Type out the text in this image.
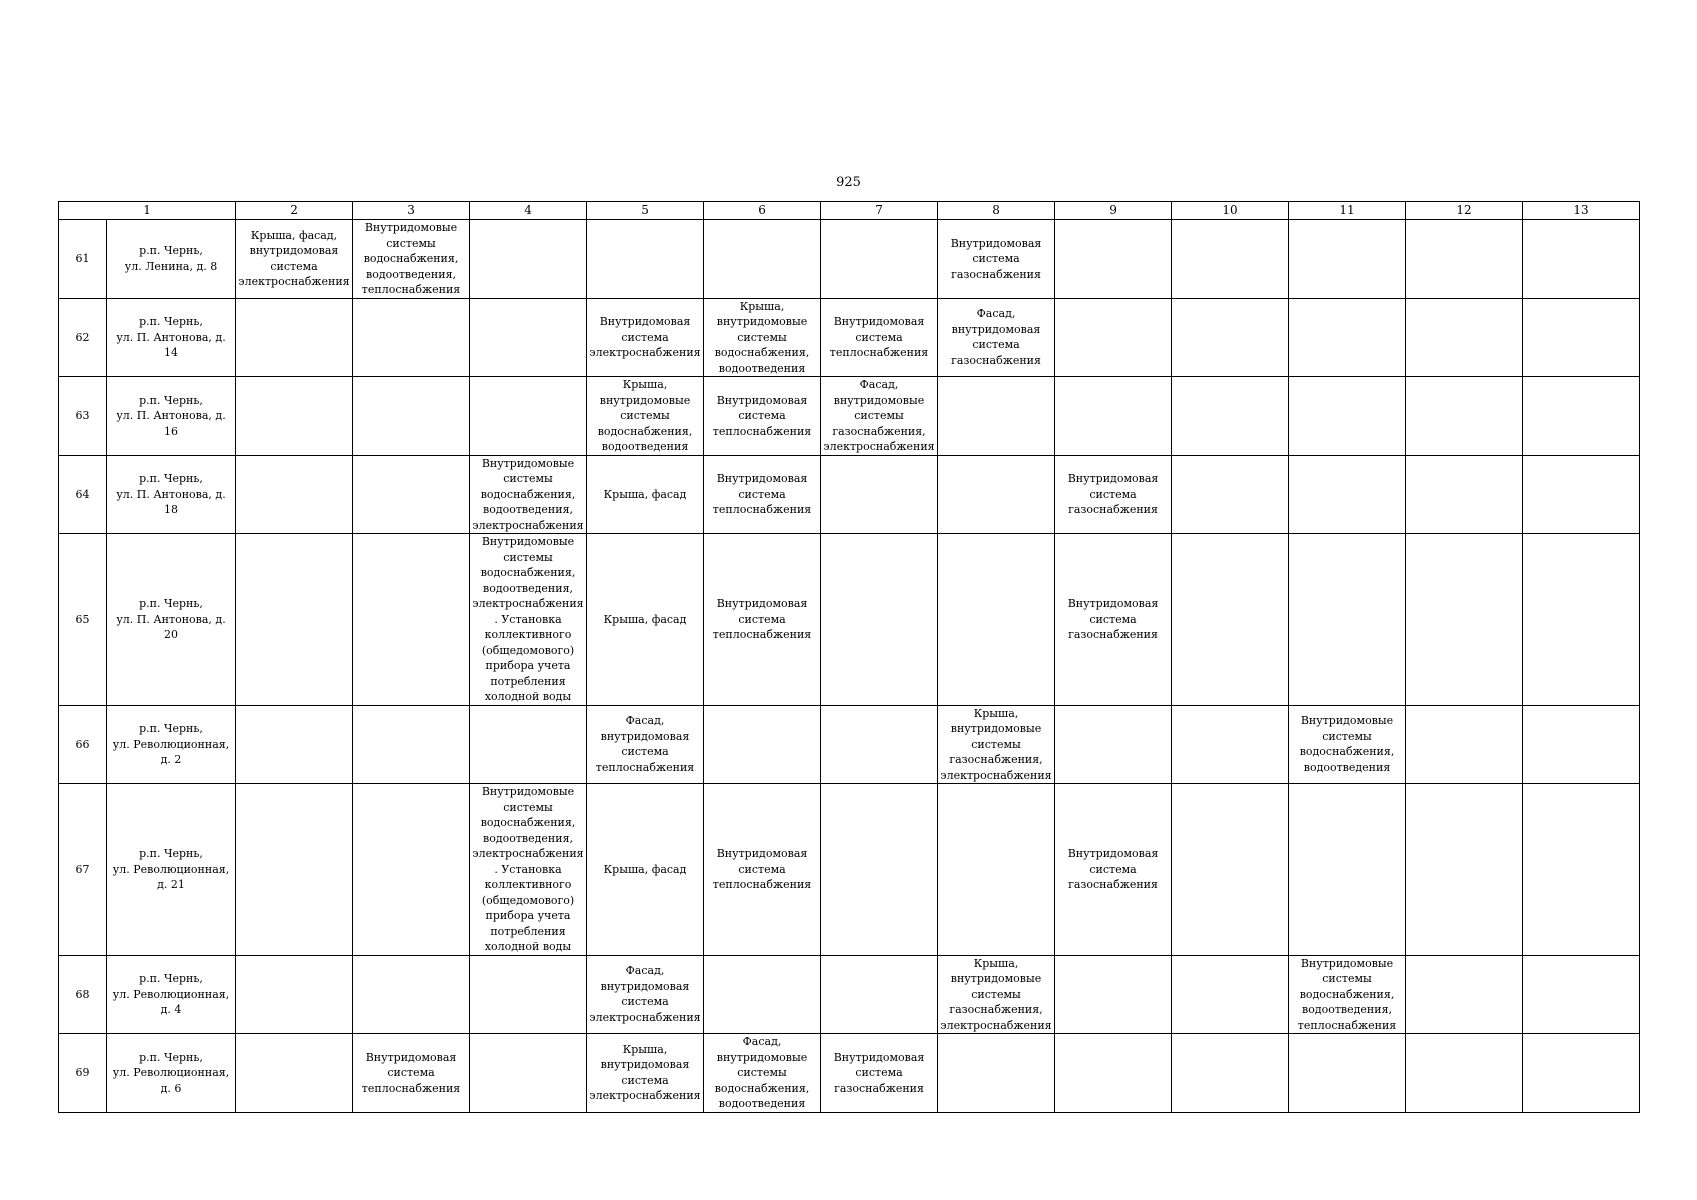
925
1		2	3	4	5	6	7	8	9	10	11	12	13
61	р.п. Чернь,
ул. Ленина, д. 8	Крыша, фасад, внутридомовая система электроснабжения	Внутридомовые системы водоснабжения, водоотведения, теплоснабжения					Внутридомовая система газоснабжения					

62	р.п. Чернь,
ул. П. Антонова, д. 14				Внутридомовая система электроснабжения	Крыша, внутридомовые системы водоснабжения, водоотведения	Внутридомовая система теплоснабжения	Фасад, внутридомовая система газоснабжения					

63	р.п. Чернь,
ул. П. Антонова, д. 16				Крыша, внутридомовые системы водоснабжения, водоотведения	Внутридомовая система теплоснабжения	Фасад, внутридомовые системы газоснабжения, электроснабжения						

64	р.п. Чернь,
ул. П. Антонова, д. 18			Внутридомовые системы водоснабжения, водоотведения, электроснабжения	Крыша, фасад	Внутридомовая система теплоснабжения			Внутридомовая система газоснабжения				

65	р.п. Чернь,
ул. П. Антонова, д. 20			Внутридомовые системы водоснабжения, водоотведения, электроснабжения. Установка коллективного (общедомового) прибора учета потребления холодной воды	Крыша, фасад	Внутридомовая система теплоснабжения			Внутридомовая система газоснабжения				

66	р.п. Чернь,
ул. Революционная,
д. 2				Фасад, внутридомовая система теплоснабжения			Крыша, внутридомовые системы газоснабжения, электроснабжения			Внутридомовые системы водоснабжения, водоотведения		

67	р.п. Чернь,
ул. Революционная,
д. 21			Внутридомовые системы водоснабжения, водоотведения, электроснабжения. Установка коллективного (общедомового) прибора учета потребления холодной воды	Крыша, фасад	Внутридомовая система теплоснабжения			Внутридомовая система газоснабжения				

68	р.п. Чернь,
ул. Революционная,
д. 4				Фасад, внутридомовая система электроснабжения			Крыша, внутридомовые системы газоснабжения, электроснабжения			Внутридомовые системы водоснабжения, водоотведения, теплоснабжения		

69	р.п. Чернь,
ул. Революционная,
д. 6		Внутридомовая система теплоснабжения		Крыша, внутридомовая система электроснабжения	Фасад, внутридомовые системы водоснабжения, водоотведения	Внутридомовая система газоснабжения						
